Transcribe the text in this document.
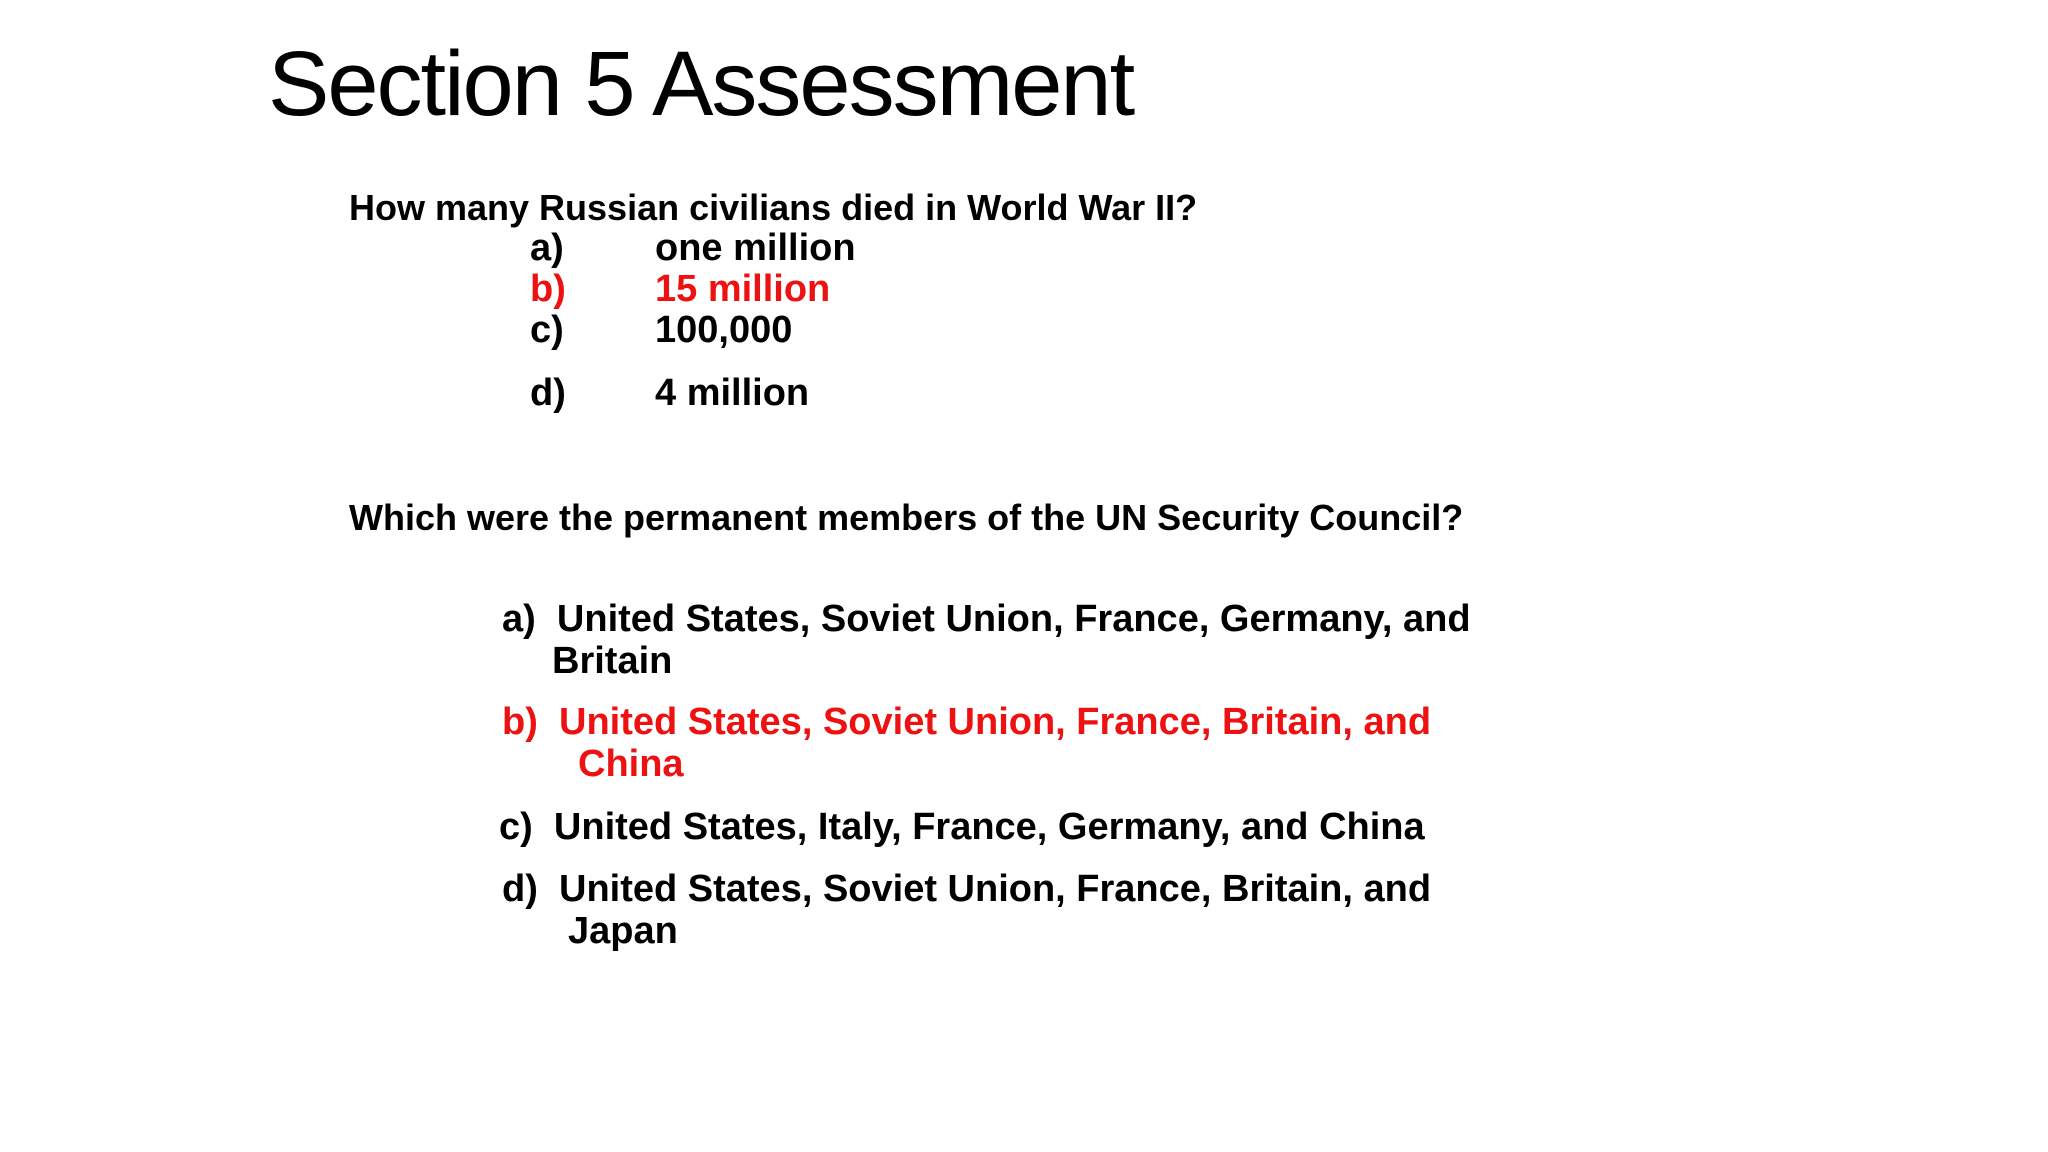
Section 5 Assessment
How many Russian civilians died in World War II?
a) one million
b) 15 million
c) 100,000
d) 4 million
Which were the permanent members of the UN Security Council?
a) United States, Soviet Union, France, Germany, and
Britain
b) United States, Soviet Union, France, Britain, and
China
c) United States, Italy, France, Germany, and China
d) United States, Soviet Union, France, Britain, and
Japan
